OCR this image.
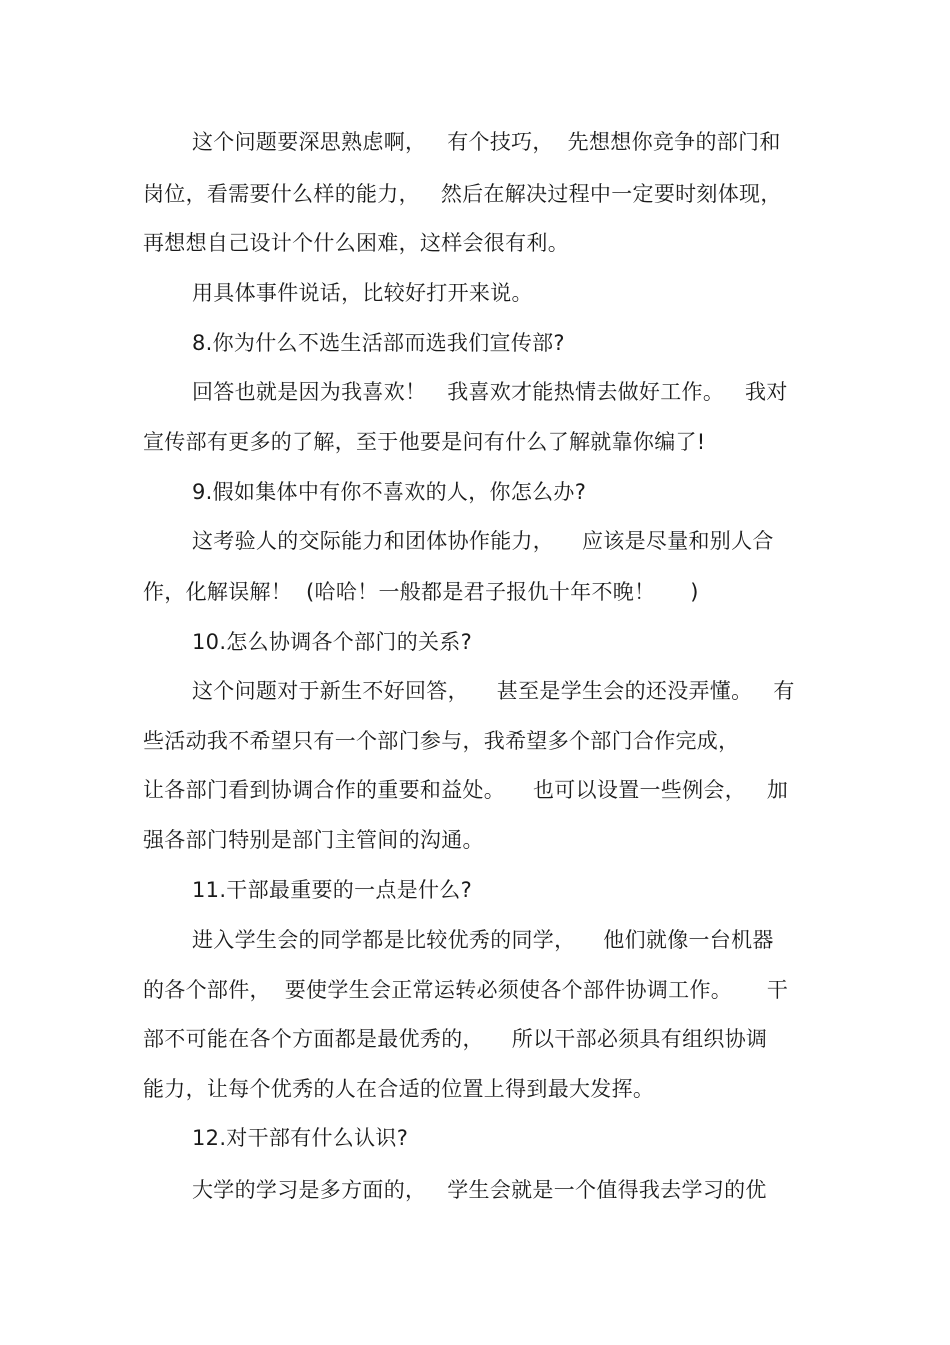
这个问题要深思熟虑啊，   有个技巧，  先想想你竞争的部门和
岗位，看需要什么样的能力，   然后在解决过程中一定要时刻体现，
再想想自己设计个什么困难，这样会很有利。
用具体事件说话，比较好打开来说。
8.你为什么不选生活部而选我们宣传部?
回答也就是因为我喜欢！   我喜欢才能热情去做好工作。   我对
宣传部有更多的了解，至于他要是问有什么了解就靠你编了!
9.假如集体中有你不喜欢的人，你怎么办?
这考验人的交际能力和团体协作能力，    应该是尽量和别人合
作，化解误解！  (哈哈！一般都是君子报仇十年不晚！     )
10.怎么协调各个部门的关系?
这个问题对于新生不好回答，    甚至是学生会的还没弄懂。   有
些活动我不希望只有一个部门参与，我希望多个部门合作完成，
让各部门看到协调合作的重要和益处。    也可以设置一些例会，   加
强各部门特别是部门主管间的沟通。
11.干部最重要的一点是什么?
进入学生会的同学都是比较优秀的同学，    他们就像一台机器
的各个部件，  要使学生会正常运转必须使各个部件协调工作。     干
部不可能在各个方面都是最优秀的，    所以干部必须具有组织协调
能力，让每个优秀的人在合适的位置上得到最大发挥。
12.对干部有什么认识?
大学的学习是多方面的，   学生会就是一个值得我去学习的优
